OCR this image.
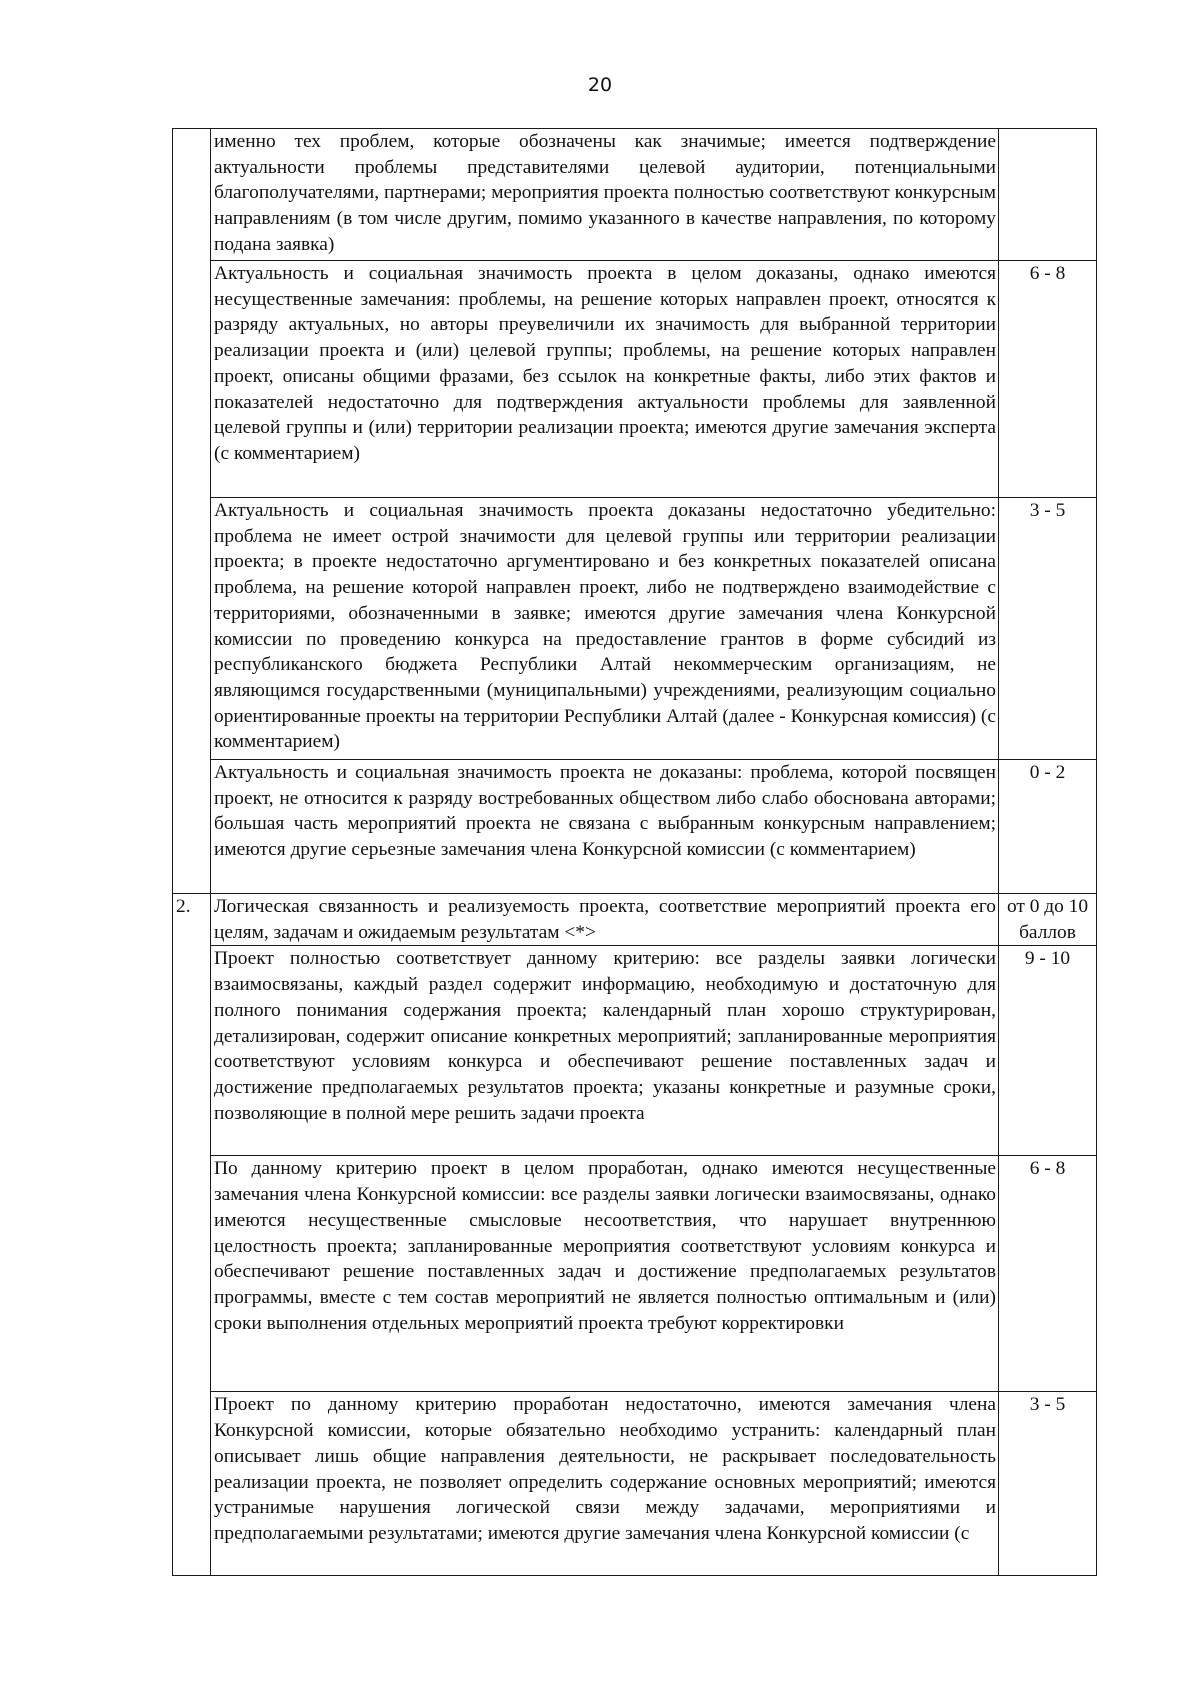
20
	именно тех проблем, которые обозначены как значимые; имеется подтверждение актуальности проблемы представителями целевой аудитории, потенциальными благополучателями, партнерами; мероприятия проекта полностью соответствуют конкурсным направлениям (в том числе другим, помимо указанного в качестве направления, по которому подана заявка)	
	Актуальность и социальная значимость проекта в целом доказаны, однако имеются несущественные замечания: проблемы, на решение которых направлен проект, относятся к разряду актуальных, но авторы преувеличили их значимость для выбранной территории реализации проекта и (или) целевой группы; проблемы, на решение которых направлен проект, описаны общими фразами, без ссылок на конкретные факты, либо этих фактов и показателей недостаточно для подтверждения актуальности проблемы для заявленной целевой группы и (или) территории реализации проекта; имеются другие замечания эксперта (с комментарием)	6 - 8
	Актуальность и социальная значимость проекта доказаны недостаточно убедительно: проблема не имеет острой значимости для целевой группы или территории реализации проекта; в проекте недостаточно аргументировано и без конкретных показателей описана проблема, на решение которой направлен проект, либо не подтверждено взаимодействие с территориями, обозначенными в заявке; имеются другие замечания члена Конкурсной комиссии по проведению конкурса на предоставление грантов в форме субсидий из республиканского бюджета Республики Алтай некоммерческим организациям, не являющимся государственными (муниципальными) учреждениями, реализующим социально ориентированные проекты на территории Республики Алтай (далее - Конкурсная комиссия) (с комментарием)	3 - 5
	Актуальность и социальная значимость проекта не доказаны: проблема, которой посвящен проект, не относится к разряду востребованных обществом либо слабо обоснована авторами; большая часть мероприятий проекта не связана с выбранным конкурсным направлением; имеются другие серьезные замечания члена Конкурсной комиссии (с комментарием)	0 - 2
2.	Логическая связанность и реализуемость проекта, соответствие мероприятий проекта его целям, задачам и ожидаемым результатам <*>	от 0 до 10
баллов

	Проект полностью соответствует данному критерию: все разделы заявки логически взаимосвязаны, каждый раздел содержит информацию, необходимую и достаточную для полного понимания содержания проекта; календарный план хорошо структурирован, детализирован, содержит описание конкретных мероприятий; запланированные мероприятия соответствуют условиям конкурса и обеспечивают решение поставленных задач и достижение предполагаемых результатов проекта; указаны конкретные и разумные сроки, позволяющие в полной мере решить задачи проекта	9 - 10
	По данному критерию проект в целом проработан, однако имеются несущественные замечания члена Конкурсной комиссии: все разделы заявки логически взаимосвязаны, однако имеются несущественные смысловые несоответствия, что нарушает внутреннюю целостность проекта; запланированные мероприятия соответствуют условиям конкурса и обеспечивают решение поставленных задач и достижение предполагаемых результатов программы, вместе с тем состав мероприятий не является полностью оптимальным и (или) сроки выполнения отдельных мероприятий проекта требуют корректировки	6 - 8
	Проект по данному критерию проработан недостаточно, имеются замечания члена Конкурсной комиссии, которые обязательно необходимо устранить: календарный план описывает лишь общие направления деятельности, не раскрывает последовательность реализации проекта, не позволяет определить содержание основных мероприятий; имеются устранимые нарушения логической связи между задачами, мероприятиями и предполагаемыми результатами; имеются другие замечания члена Конкурсной комиссии (с	3 - 5
